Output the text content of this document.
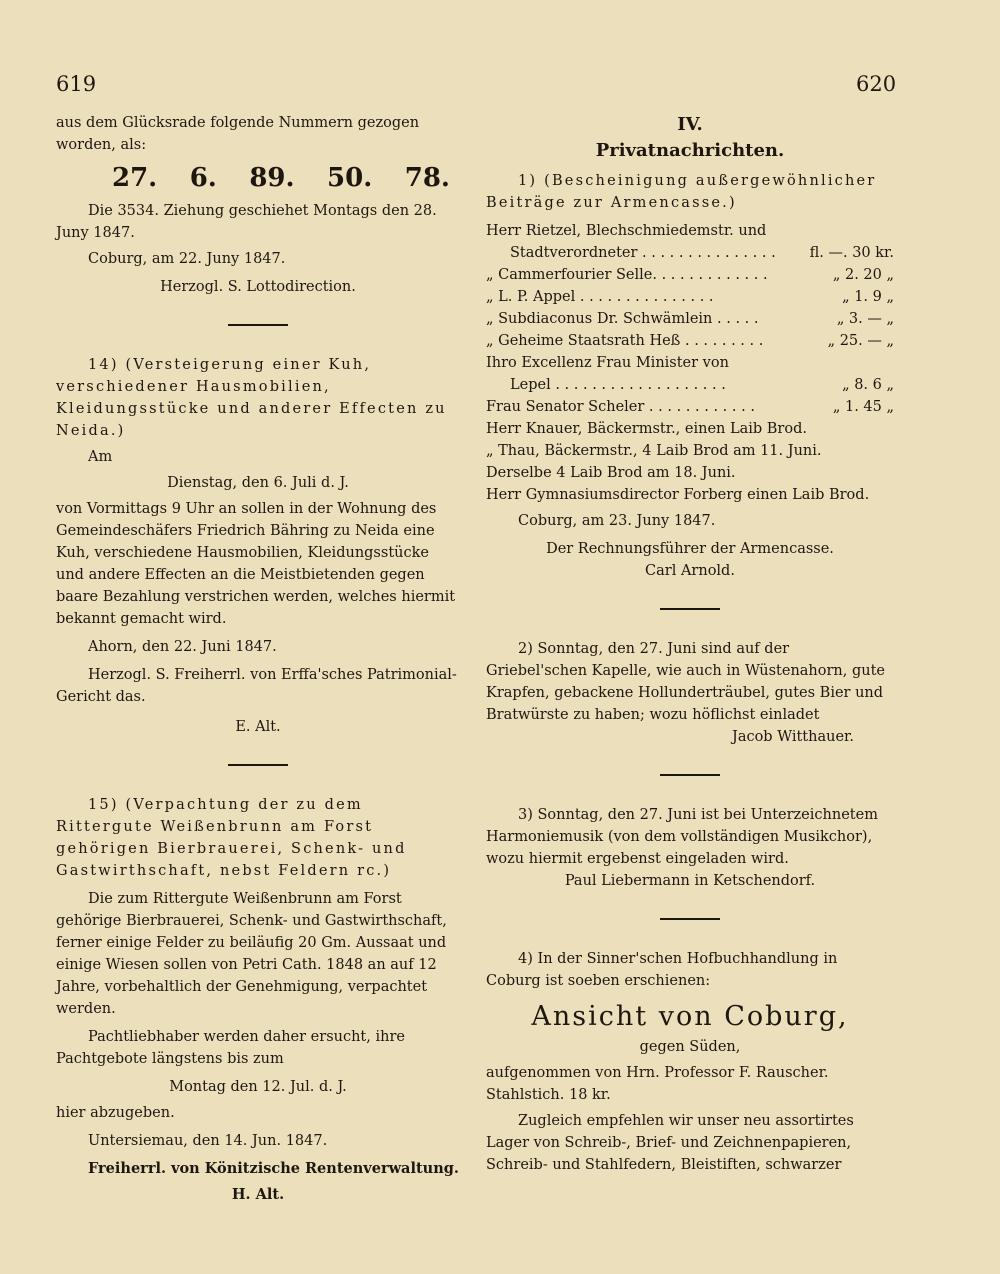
619	620

aus dem Glücksrade folgende Nummern gezogen worden, als:

27. 6. 89. 50. 78.

Die 3534. Ziehung geschiehet Montags den 28. Juny 1847.

Coburg, am 22. Juny 1847.

Herzogl. S. Lottodirection.

14) (Versteigerung einer Kuh, verschiedener Hausmobilien, Kleidungsstücke und anderer Effecten zu Neida.)

Am

Dienstag, den 6. Juli d. J.

von Vormittags 9 Uhr an sollen in der Wohnung des Gemeindeschäfers Friedrich Bähring zu Neida eine Kuh, verschiedene Hausmobilien, Kleidungsstücke und andere Effecten an die Meistbietenden gegen baare Bezahlung verstrichen werden, welches hiermit bekannt gemacht wird.

Ahorn, den 22. Juni 1847.

Herzogl. S. Freiherrl. von Erffa'sches Patrimonial-Gericht das.

E. Alt.

15) (Verpachtung der zu dem Rittergute Weißenbrunn am Forst gehörigen Bierbrauerei, Schenk- und Gastwirthschaft, nebst Feldern rc.)

Die zum Rittergute Weißenbrunn am Forst gehörige Bierbrauerei, Schenk- und Gastwirthschaft, ferner einige Felder zu beiläufig 20 Gm. Aussaat und einige Wiesen sollen von Petri Cath. 1848 an auf 12 Jahre, vorbehaltlich der Genehmigung, verpachtet werden.

Pachtliebhaber werden daher ersucht, ihre Pachtgebote längstens bis zum

Montag den 12. Jul. d. J.

hier abzugeben.

Untersiemau, den 14. Jun. 1847.

Freiherrl. von Könitzische Rentenverwaltung.

H. Alt.

IV.

Privatnachrichten.

1) (Bescheinigung außergewöhnlicher Beiträge zur Armencasse.)

Herr Rietzel, Blechschmiedemstr. und

Stadtverordneter . . . . . . . . . . . . . . .	fl. —. 30 kr.
„ Cammerfourier Selle. . . . . . . . . . . . .	„ 2. 20 „
„ L. P. Appel . . . . . . . . . . . . . . .	„ 1. 9 „
„ Subdiaconus Dr. Schwämlein . . . . .	„ 3. — „
„ Geheime Staatsrath Heß . . . . . . . . .	„ 25. — „

Ihro Excellenz Frau Minister von

Lepel . . . . . . . . . . . . . . . . . . .	„ 8. 6 „
Frau Senator Scheler . . . . . . . . . . . .	„ 1. 45 „

Herr Knauer, Bäckermstr., einen Laib Brod.

„ Thau, Bäckermstr., 4 Laib Brod am 11. Juni.

Derselbe 4 Laib Brod am 18. Juni.

Herr Gymnasiumsdirector Forberg einen Laib Brod.

Coburg, am 23. Juny 1847.

Der Rechnungsführer der Armencasse.

Carl Arnold.

2) Sonntag, den 27. Juni sind auf der Griebel'schen Kapelle, wie auch in Wüstenahorn, gute Krapfen, gebackene Hollunderträubel, gutes Bier und Bratwürste zu haben; wozu höflichst einladet

Jacob Witthauer.

3) Sonntag, den 27. Juni ist bei Unterzeichnetem Harmoniemusik (von dem vollständigen Musikchor), wozu hiermit ergebenst eingeladen wird.

Paul Liebermann in Ketschendorf.

4) In der Sinner'schen Hofbuchhandlung in Coburg ist soeben erschienen:

Ansicht von Coburg,

gegen Süden,

aufgenommen von Hrn. Professor F. Rauscher. Stahlstich. 18 kr.

Zugleich empfehlen wir unser neu assortirtes Lager von Schreib-, Brief- und Zeichnenpapieren, Schreib- und Stahlfedern, Bleistiften, schwarzer
